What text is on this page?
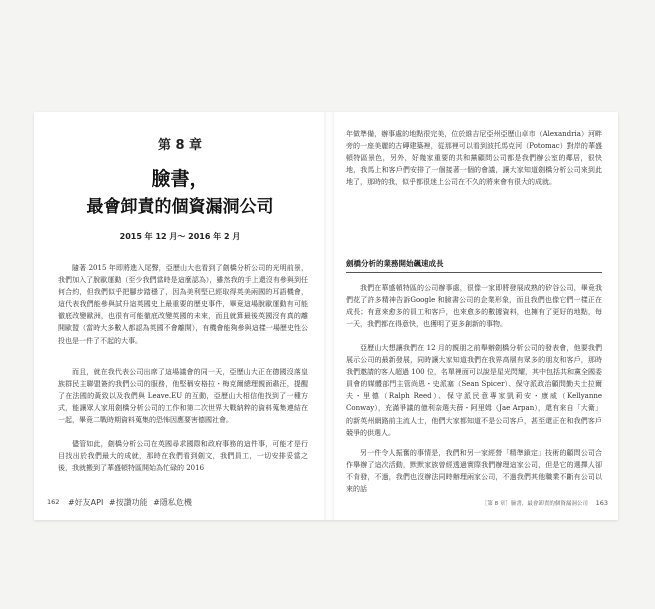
第 8 章
臉書，
最會卸責的個資漏洞公司
2015 年 12 月～ 2016 年 2 月

隨著 2015 年即將進入尾聲，亞歷山大也看到了劍橋分析公司的光明前景，我們加入了脫歐運動（至少我們當時是這麼認為），雖然我的手上還沒有參與到任何合約，但我們似乎把腳步踏穩了，因為美利堅已經取得英美兩國的耳語機會，這代表我們能參與試升這英國史上最重要的歷史事件，畢竟這場脫歐運動有可能徹底改變歐洲，也很有可能徹底改變英國的未來，而且就算最後英國沒有真的離開歐盟（當時大多數人都認為英國不會離開），有機會能夠參與這樣一場歷史性公投也是一件了不起的大事。

而且，就在我代表公司出席了這場議會的同一天，亞歷山大正在德國沒落皇族群民主聯盟簽約我們公司的服務，他堅稱安格拉・梅克爾總理親面肅汪，提醒了在法國的黃致以及我們與 Leave.EU 的互動，亞歷山大相信他找到了一種方式，能讓眾人家用劍橋分析公司的工作和第二次世界大戰納粹的資料蒐集連結在一起，畢竟二戰時期資料蒐集的恐怖因應要害德國社會。

儘管如此，劍橋分析公司在英國尋求國際和政府事務的這件事，可能才是行目找出於我們最大的成就，那時在我們看到劍文，我們員工，一切安排妥當之後，我就搬到了華盛頓特區開始為忙碌的 2016

162 #好友API #按讚功能 #隱私危機

年做準備，辦事處的地點很完美，位於維吉尼亞州亞歷山卓市（Alexandria）河畔旁的一座美麗的古磚建築裡，從那裡可以看到波托馬克河（Potomac）對岸的華盛頓特區景色，另外，好幾家重要的共和黨顧問公司都是我們辦公室的鄰居，很快地，我馬上和客戶們安排了一個接著一個的會議，讓大家知道劍橋分析公司來到此地了，那時的我，似乎都很迷上公司在不久的將來會有很大的成就。

劍橋分析的業務開始飆速成長

我們在華盛頓特區的公司辦事處，很像一家即將發展成熟的矽谷公司，畢竟我們花了許多精神告訴Google 和臉書公司的企業形象，而且我們也像它們一樣正在成長；有意來愈多的員工和客戶，也來愈多的數據資料，也擁有了更好的地點，每一天，我們都在得意快，也獲明了更多創新的事物。

亞歷山大想讓我們在 12 月的親朋之前舉辦劍橋分析公司的發表會，他要我們展示公司的最新發展，同時讓大家知道我們在我界高層有眾多的朋友和客戶，那時我們邀請的客人超過 100 位，名單裡面可以說是星光閃耀，其中包括共和黨全國委員會的媒體部門主管尚恩・史派塞（Sean Spicer）、保守派政治顧問勤夫士拉爾夫・里德（Ralph Reed）、保守派民意專家凱莉安・康威（Kellyanne Conway），充滿爭議的億利奈選夫薛・阿里姆（Jae Arpan），還有來自「大衛」的新英州網路前主流人士，他們大家都知道不是公司客戶，甚至還正在和我們客戶競爭的供選人。

另一件令人振奮的事情是，我們和另一家經營「精準鎖定」技術的顧問公司合作舉辦了這次活動，默默家族曾經透過實際我們辦理這家公司，但是它的選擇人卻不肯發，不過，我們也沒辦法同時辦理兩家公司，不過我們其他職業不斷有公司以來的話

［第 8 章］臉書，最會卸責的個資漏洞公司 163
